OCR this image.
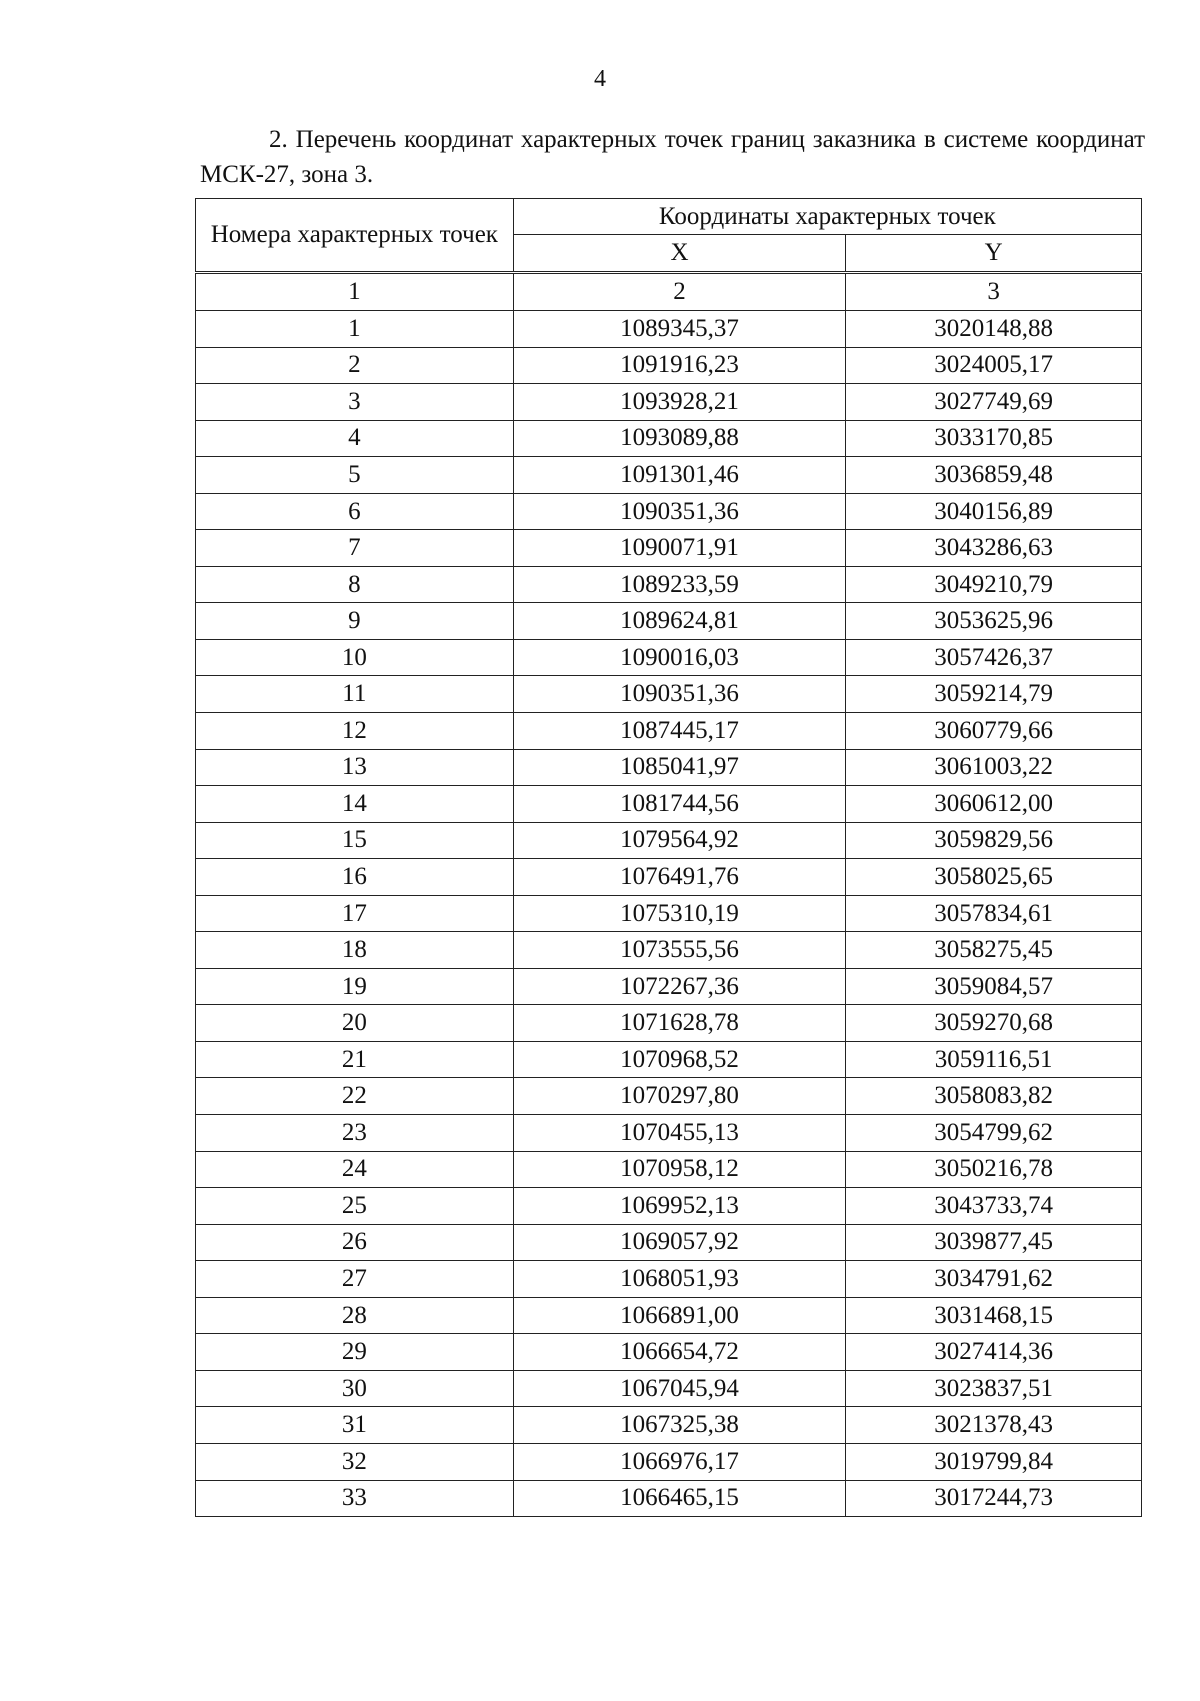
4
2. Перечень координат характерных точек границ заказника в системе координат МСК-27, зона 3.
Номера характерных точек	Координаты характерных точек	
	X	Y
1	2	3
1	1089345,37	3020148,88
2	1091916,23	3024005,17
3	1093928,21	3027749,69
4	1093089,88	3033170,85
5	1091301,46	3036859,48
6	1090351,36	3040156,89
7	1090071,91	3043286,63
8	1089233,59	3049210,79
9	1089624,81	3053625,96
10	1090016,03	3057426,37
11	1090351,36	3059214,79
12	1087445,17	3060779,66
13	1085041,97	3061003,22
14	1081744,56	3060612,00
15	1079564,92	3059829,56
16	1076491,76	3058025,65
17	1075310,19	3057834,61
18	1073555,56	3058275,45
19	1072267,36	3059084,57
20	1071628,78	3059270,68
21	1070968,52	3059116,51
22	1070297,80	3058083,82
23	1070455,13	3054799,62
24	1070958,12	3050216,78
25	1069952,13	3043733,74
26	1069057,92	3039877,45
27	1068051,93	3034791,62
28	1066891,00	3031468,15
29	1066654,72	3027414,36
30	1067045,94	3023837,51
31	1067325,38	3021378,43
32	1066976,17	3019799,84
33	1066465,15	3017244,73
